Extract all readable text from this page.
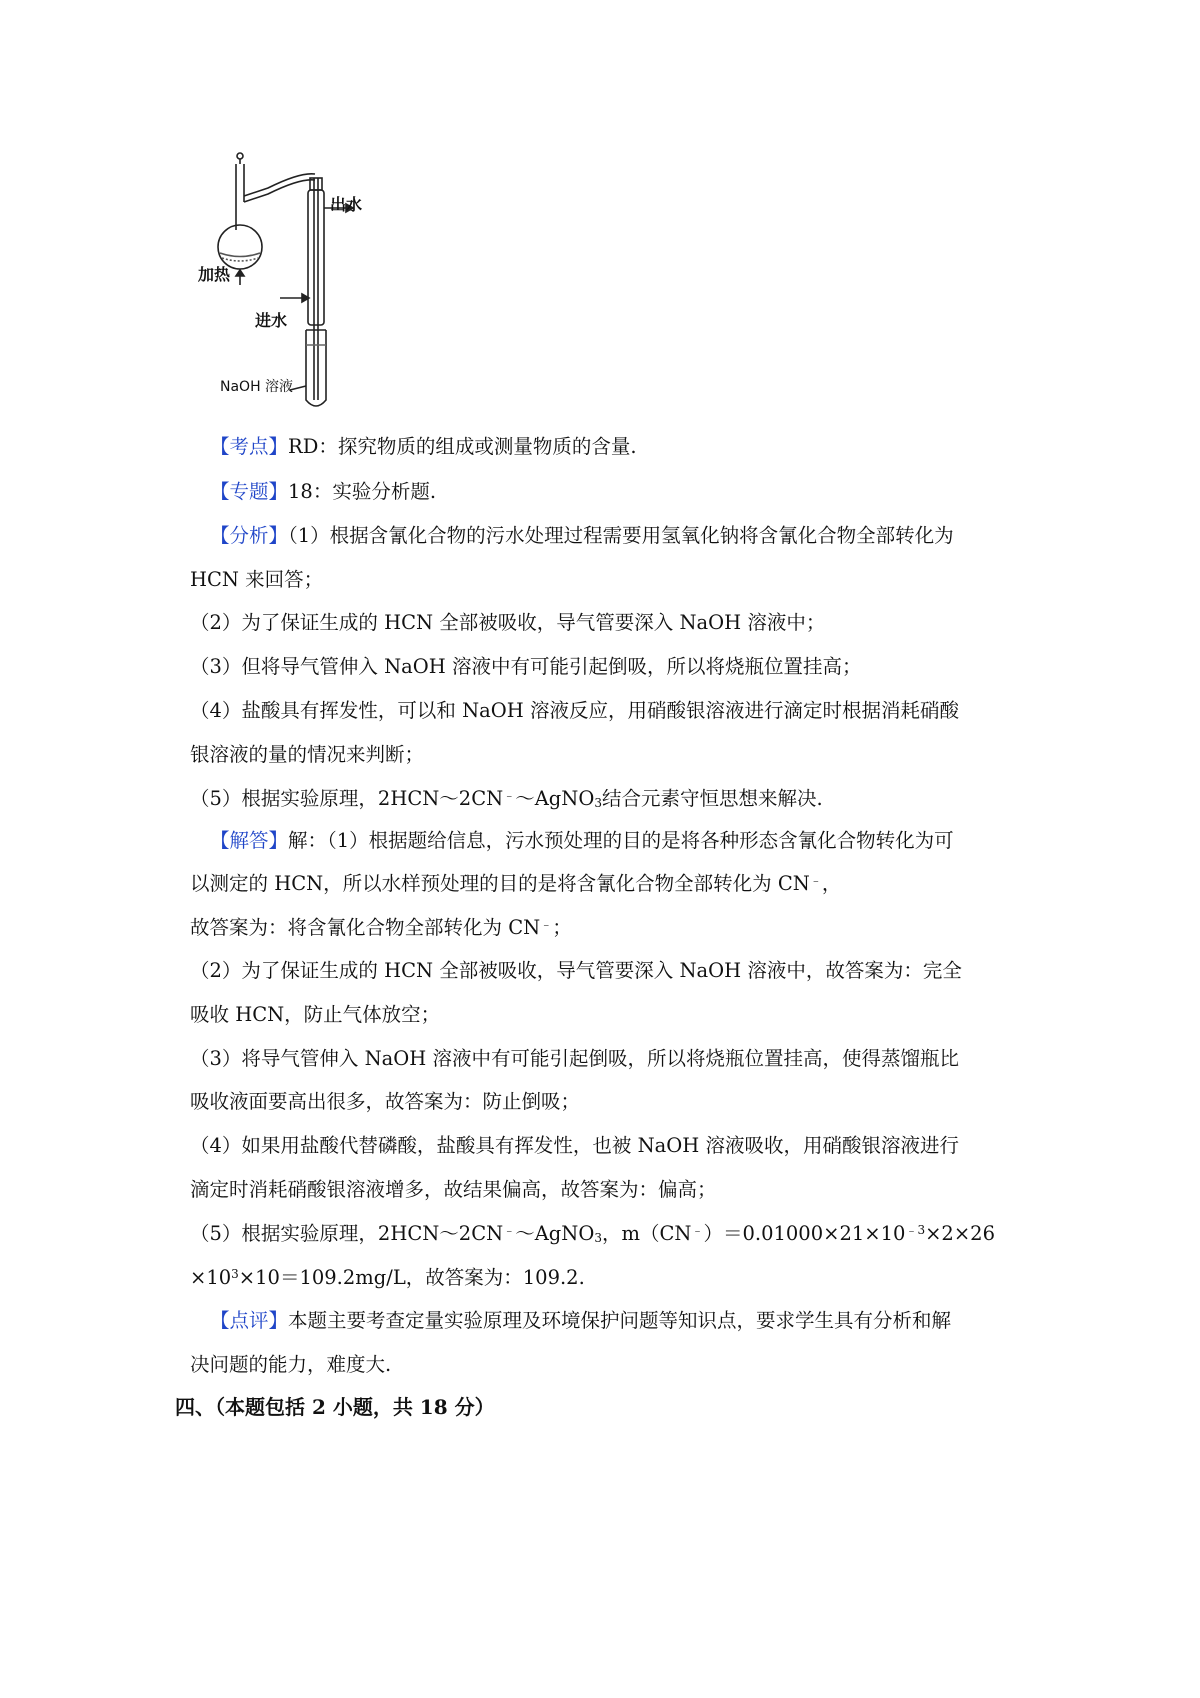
出水
加热
进水
NaOH 溶液
【考点】RD：探究物质的组成或测量物质的含量.
【专题】18：实验分析题.
【分析】（1）根据含氰化合物的污水处理过程需要用氢氧化钠将含氰化合物全部转化为
HCN 来回答；
（2）为了保证生成的 HCN 全部被吸收，导气管要深入 NaOH 溶液中；
（3）但将导气管伸入 NaOH 溶液中有可能引起倒吸，所以将烧瓶位置挂高；
（4）盐酸具有挥发性，可以和 NaOH 溶液反应，用硝酸银溶液进行滴定时根据消耗硝酸
银溶液的量的情况来判断；
（5）根据实验原理，2HCN～2CN﹣～AgNO$_3$结合元素守恒思想来解决.
【解答】解：（1）根据题给信息，污水预处理的目的是将各种形态含氰化合物转化为可
以测定的 HCN，所以水样预处理的目的是将含氰化合物全部转化为 CN﹣，
故答案为：将含氰化合物全部转化为 CN﹣；
（2）为了保证生成的 HCN 全部被吸收，导气管要深入 NaOH 溶液中，故答案为：完全
吸收 HCN，防止气体放空；
（3）将导气管伸入 NaOH 溶液中有可能引起倒吸，所以将烧瓶位置挂高，使得蒸馏瓶比
吸收液面要高出很多，故答案为：防止倒吸；
（4）如果用盐酸代替磷酸，盐酸具有挥发性，也被 NaOH 溶液吸收，用硝酸银溶液进行
滴定时消耗硝酸银溶液增多，故结果偏高，故答案为：偏高；
（5）根据实验原理，2HCN～2CN﹣～AgNO$_3$，$m(CN^﹣)=0.01000\times 21\times 10^{﹣3}\times 2\times 26$
$\times 10^3\times 10=109.2mg/L$，故答案为：109.2.
【点评】本题主要考查定量实验原理及环境保护问题等知识点，要求学生具有分析和解
决问题的能力，难度大.
四、（本题包括 2 小题，共 18 分）
